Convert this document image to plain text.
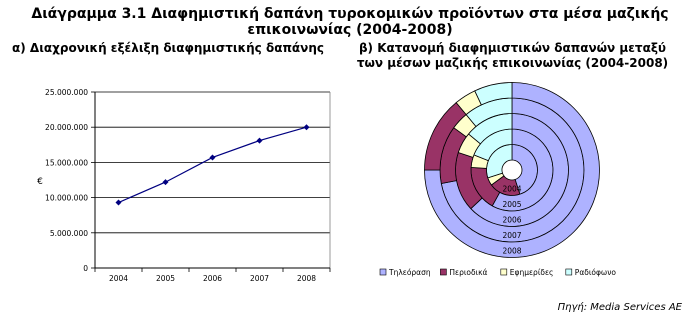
Διάγραμμα 3.1 Διαφημιστική δαπάνη τυροκομικών προϊόντων στα μέσα μαζικής επικοινωνίας (2004-2008)
α) Διαχρονική εξέλιξη διαφημιστικής δαπάνης	β) Κατανομή διαφημιστικών δαπανών μεταξύ των μέσων μαζικής επικοινωνίας (2004-2008)
0
5.000.000
10.000.000
15.000.000
20.000.000
25.000.000
2004	2005	2006	2007	2008
€
2004
2005
2006
2007
2008
Τηλεόραση	Περιοδικά	Εφημερίδες	Ραδιόφωνο
Πηγή: Media Services AE
